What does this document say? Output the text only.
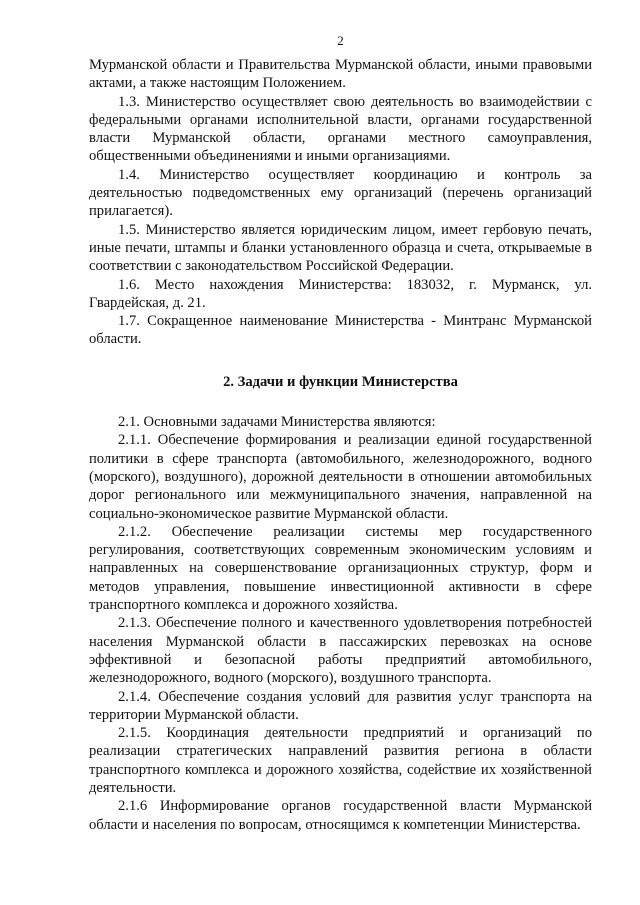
2

Мурманской области и Правительства Мурманской области, иными правовыми актами, а также настоящим Положением.

1.3. Министерство осуществляет свою деятельность во взаимодействии с федеральными органами исполнительной власти, органами государственной власти Мурманской области, органами местного самоуправления, общественными объединениями и иными организациями.

1.4. Министерство осуществляет координацию и контроль за деятельностью подведомственных ему организаций (перечень организаций прилагается).

1.5. Министерство является юридическим лицом, имеет гербовую печать, иные печати, штампы и бланки установленного образца и счета, открываемые в соответствии с законодательством Российской Федерации.

1.6. Место нахождения Министерства: 183032, г. Мурманск, ул. Гвардейская, д. 21.

1.7. Сокращенное наименование Министерства - Минтранс Мурманской области.

2. Задачи и функции Министерства

2.1. Основными задачами Министерства являются:

2.1.1. Обеспечение формирования и реализации единой государственной политики в сфере транспорта (автомобильного, железнодорожного, водного (морского), воздушного), дорожной деятельности в отношении автомобильных дорог регионального или межмуниципального значения, направленной на социально-экономическое развитие Мурманской области.

2.1.2. Обеспечение реализации системы мер государственного регулирования, соответствующих современным экономическим условиям и направленных на совершенствование организационных структур, форм и методов управления, повышение инвестиционной активности в сфере транспортного комплекса и дорожного хозяйства.

2.1.3. Обеспечение полного и качественного удовлетворения потребностей населения Мурманской области в пассажирских перевозках на основе эффективной и безопасной работы предприятий автомобильного, железнодорожного, водного (морского), воздушного транспорта.

2.1.4. Обеспечение создания условий для развития услуг транспорта на территории Мурманской области.

2.1.5. Координация деятельности предприятий и организаций по реализации стратегических направлений развития региона в области транспортного комплекса и дорожного хозяйства, содействие их хозяйственной деятельности.

2.1.6 Информирование органов государственной власти Мурманской области и населения по вопросам, относящимся к компетенции Министерства.
